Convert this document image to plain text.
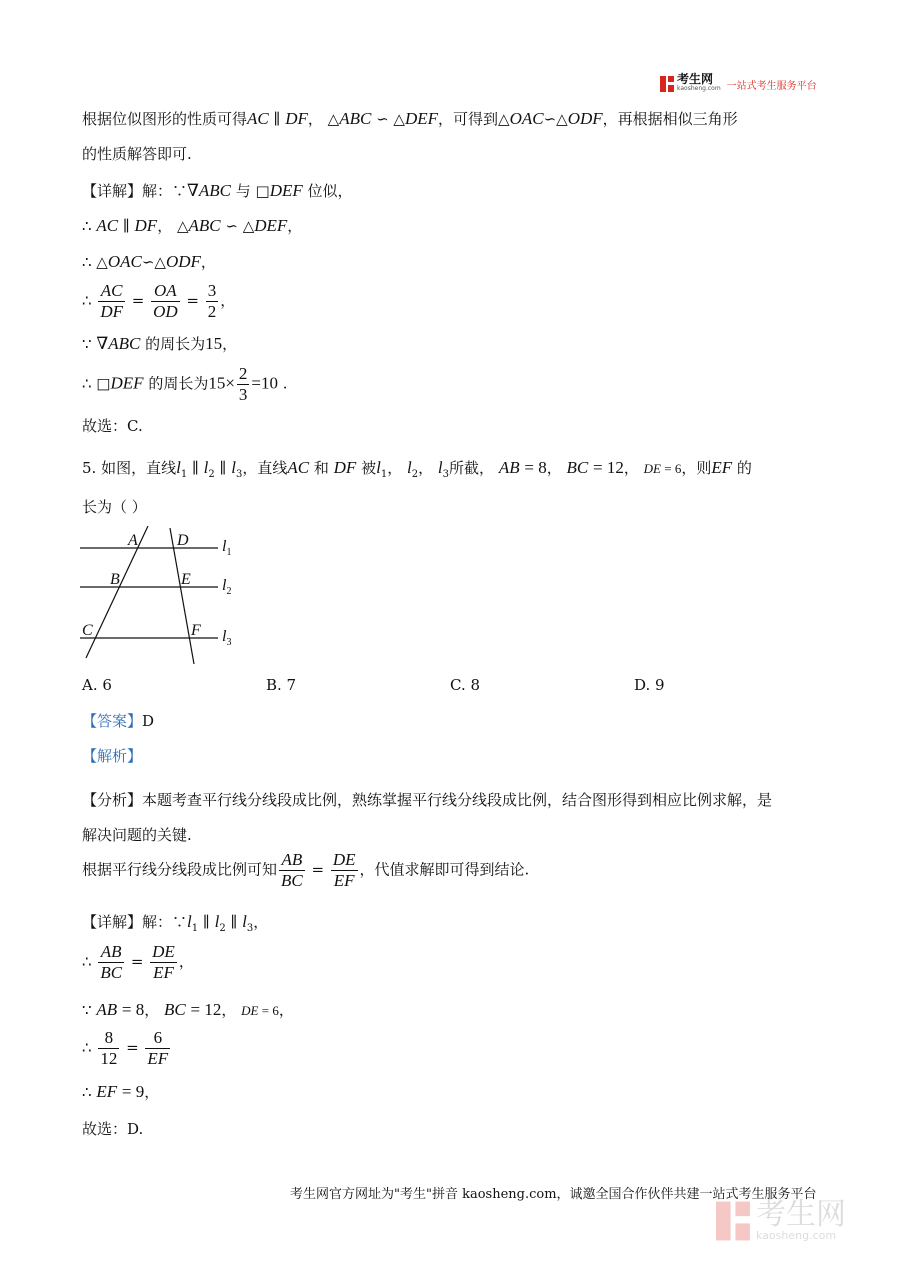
考生网
kaosheng.com 一站式考生服务平台
根据位似图形的性质可得AC ∥ DF， △ABC ∽ △DEF，可得到△OAC∽△ODF，再根据相似三角形
的性质解答即可.
【详解】解：∵∇ABC 与 □DEF 位似，
∴ AC ∥ DF， △ABC ∽ △DEF，
∴ △OAC∽△ODF，
∴ $\frac{AC}{DF} = \frac{OA}{OD} = \frac{3}{2}$ ，
∵ ∇ABC 的周长为15，
∴ □DEF 的周长为$15\times \frac{2}{3} =10$ .
故选：C.
5. 如图，直线$l_1$ ∥ $l_2$ ∥ $l_3$，直线AC 和 DF 被$l_1$， $l_2$， $l_3$所截， AB = 8， BC = 12， DE = 6，则EF 的
长为（ ）
A D
B	E
C	F
$l_1$
$l_2$
$l_3$
A. 6	B. 7	C. 8	D. 9
【答案】D
【解析】
【分析】本题考查平行线分线段成比例，熟练掌握平行线分线段成比例，结合图形得到相应比例求解，是
解决问题的关键.
根据平行线分线段成比例可知 $\frac{AB}{BC} = \frac{DE}{EF}$ ，代值求解即可得到结论.
【详解】解：$\because l_1$ ∥ $l_2$ ∥ $l_3$，
∴ $\frac{AB}{BC} = \frac{DE}{EF}$ ，
∵ AB = 8， BC = 12， DE = 6，
∴ $\frac{8}{12} = \frac{6}{EF}$
∴ EF = 9，
故选：D.
考生网官方网址为"考生"拼音 kaosheng.com，诚邀全国合作伙伴共建一站式考生服务平台
考生网
kaosheng.com
